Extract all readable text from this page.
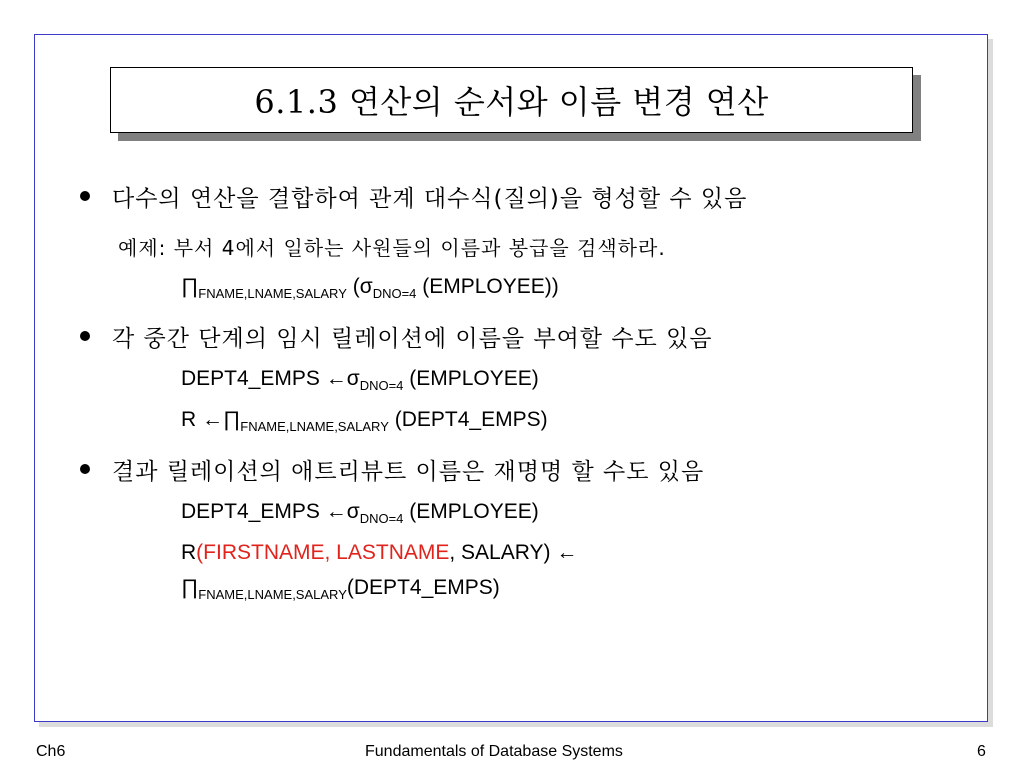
6.1.3 연산의 순서와 이름 변경 연산
다수의 연산을 결합하여 관계 대수식(질의)을 형성할 수 있음
예제: 부서 4에서 일하는 사원들의 이름과 봉급을 검색하라.
$\prod_{FNAME,LNAME,SALARY}$ ($\sigma_{DNO=4}$ (EMPLOYEE))
각 중간 단계의 임시 릴레이션에 이름을 부여할 수도 있음
DEPT4_EMPS $\leftarrow\sigma_{DNO=4}$ (EMPLOYEE)
R $\leftarrow\prod_{FNAME,LNAME,SALARY}$ (DEPT4_EMPS)
결과 릴레이션의 애트리뷰트 이름은 재명명 할 수도 있음
DEPT4_EMPS $\leftarrow\sigma_{DNO=4}$ (EMPLOYEE)
R(FIRSTNAME, LASTNAME, SALARY) ←
$\prod_{FNAME,LNAME,SALARY}(DEPT4\_EMPS)$
Ch6	Fundamentals of Database Systems	6
